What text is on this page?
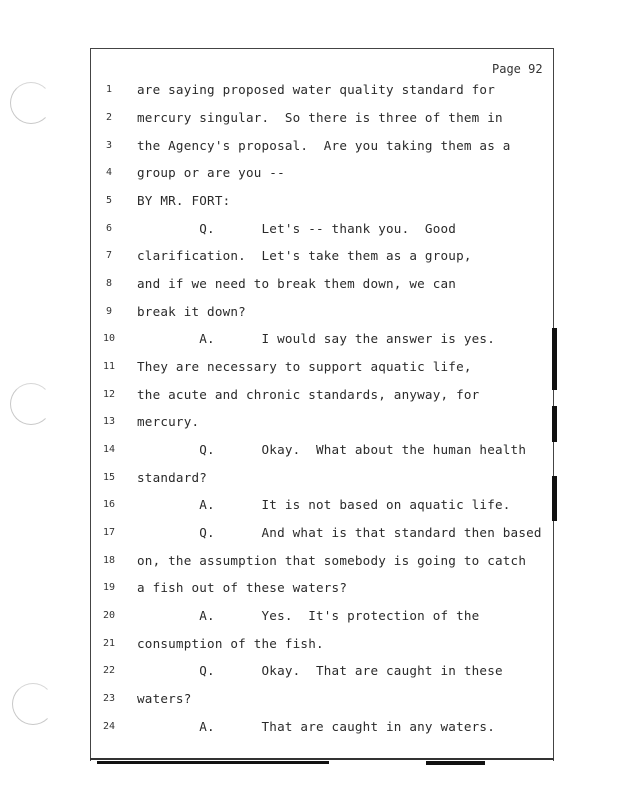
Page 92
1	are saying proposed water quality standard for
2	mercury singular.  So there is three of them in
3	the Agency's proposal.  Are you taking them as a
4	group or are you --
5	BY MR. FORT:
6	Q.      Let's -- thank you.  Good
7	clarification.  Let's take them as a group,
8	and if we need to break them down, we can
9	break it down?
10 A.      I would say the answer is yes.
11 They are necessary to support aquatic life,
12 the acute and chronic standards, anyway, for
13 mercury.
14 Q.      Okay.  What about the human health
15 standard?
16 A.      It is not based on aquatic life.
17 Q.      And what is that standard then based
18 on, the assumption that somebody is going to catch
19 a fish out of these waters?
20 A.      Yes.  It's protection of the
21 consumption of the fish.
22 Q.      Okay.  That are caught in these
23 waters?
24 A.      That are caught in any waters.
